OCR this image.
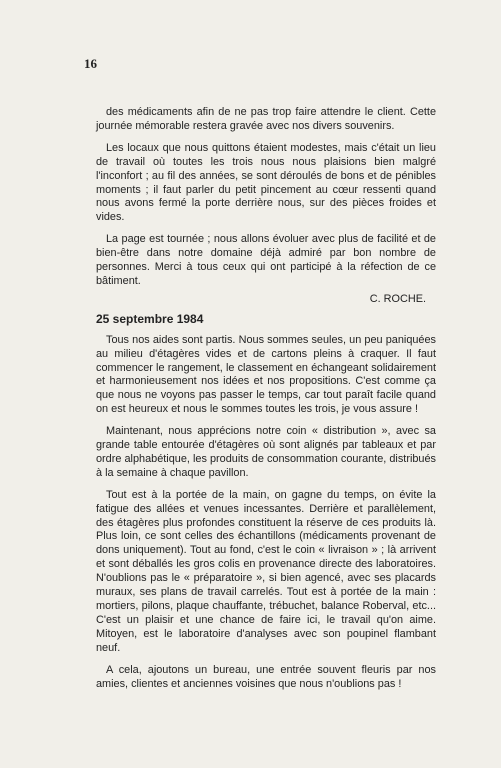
16

des médicaments afin de ne pas trop faire attendre le client. Cette journée mémorable restera gravée avec nos divers souvenirs.

Les locaux que nous quittons étaient modestes, mais c'était un lieu de travail où toutes les trois nous nous plaisions bien malgré l'inconfort ; au fil des années, se sont déroulés de bons et de pénibles moments ; il faut parler du petit pincement au cœur ressenti quand nous avons fermé la porte derrière nous, sur des pièces froides et vides.

La page est tournée ; nous allons évoluer avec plus de facilité et de bien-être dans notre domaine déjà admiré par bon nombre de personnes. Merci à tous ceux qui ont participé à la réfection de ce bâtiment.

C. ROCHE.
25 septembre 1984

Tous nos aides sont partis. Nous sommes seules, un peu paniquées au milieu d'étagères vides et de cartons pleins à craquer. Il faut commencer le rangement, le classement en échangeant solidairement et harmonieusement nos idées et nos propositions. C'est comme ça que nous ne voyons pas passer le temps, car tout paraît facile quand on est heureux et nous le sommes toutes les trois, je vous assure !

Maintenant, nous apprécions notre coin « distribution », avec sa grande table entourée d'étagères où sont alignés par tableaux et par ordre alphabétique, les produits de consommation courante, distribués à la semaine à chaque pavillon.

Tout est à la portée de la main, on gagne du temps, on évite la fatigue des allées et venues incessantes. Derrière et parallèlement, des étagères plus profondes constituent la réserve de ces produits là. Plus loin, ce sont celles des échantillons (médicaments provenant de dons uniquement). Tout au fond, c'est le coin « livraison » ; là arrivent et sont déballés les gros colis en provenance directe des laboratoires. N'oublions pas le « préparatoire », si bien agencé, avec ses placards muraux, ses plans de travail carrelés. Tout est à portée de la main : mortiers, pilons, plaque chauffante, trébuchet, balance Roberval, etc... C'est un plaisir et une chance de faire ici, le travail qu'on aime. Mitoyen, est le laboratoire d'analyses avec son poupinel flambant neuf.

A cela, ajoutons un bureau, une entrée souvent fleuris par nos amies, clientes et anciennes voisines que nous n'oublions pas !
